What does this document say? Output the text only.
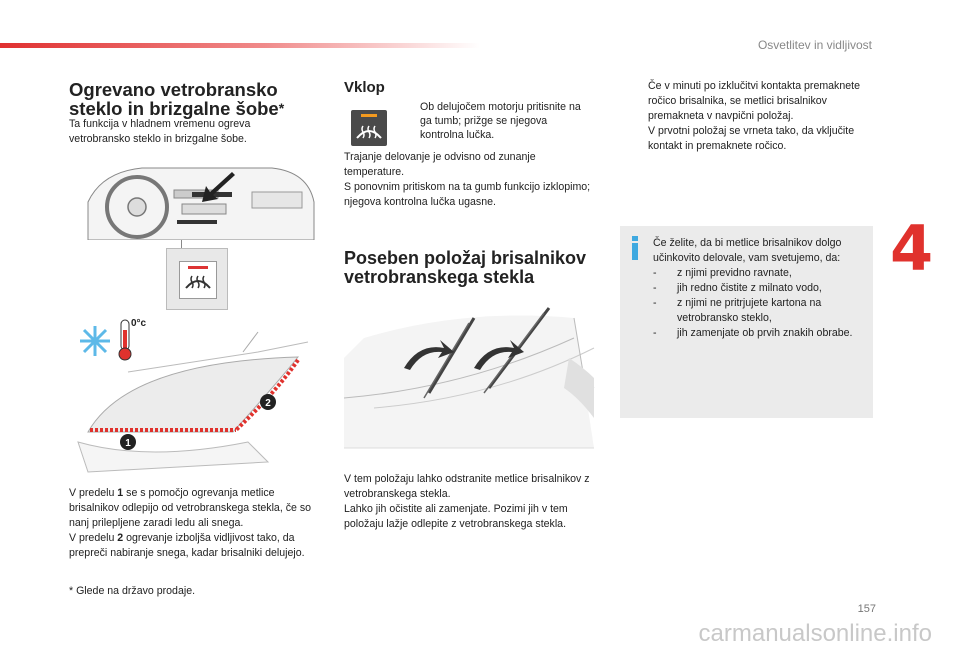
Osvetlitev in vidljivost
4
157
carmanualsonline.info
Ogrevano vetrobransko steklo in brizgalne šobe*
Ta funkcija v hladnem vremenu ogreva vetrobransko steklo in brizgalne šobe.
1
2
0°c
V predelu 1 se s pomočjo ogrevanja metlice brisalnikov odlepijo od vetrobranskega stekla, če so nanj prilepljene zaradi ledu ali snega.
V predelu 2 ogrevanje izboljša vidljivost tako, da prepreči nabiranje snega, kadar brisalniki delujejo.
* Glede na državo prodaje.
Vklop
Ob delujočem motorju pritisnite na ga tumb; prižge se njegova kontrolna lučka.
Trajanje delovanje je odvisno od zunanje temperature.
S ponovnim pritiskom na ta gumb funkcijo izklopimo; njegova kontrolna lučka ugasne.
Poseben položaj brisalnikov vetrobranskega stekla
V tem položaju lahko odstranite metlice brisalnikov z vetrobranskega stekla.
Lahko jih očistite ali zamenjate. Pozimi jih v tem položaju lažje odlepite z vetrobranskega stekla.
Če v minuti po izklučitvi kontakta premaknete ročico brisalnika, se metlici brisalnikov premakneta v navpični položaj.
V prvotni položaj se vrneta tako, da vključite kontakt in premaknete ročico.
Če želite, da bi metlice brisalnikov dolgo učinkovito delovale, vam svetujemo, da:
- z njimi previdno ravnate,
- jih redno čistite z milnato vodo,
- z njimi ne pritrjujete kartona na vetrobransko steklo,
- jih zamenjate ob prvih znakih obrabe.
